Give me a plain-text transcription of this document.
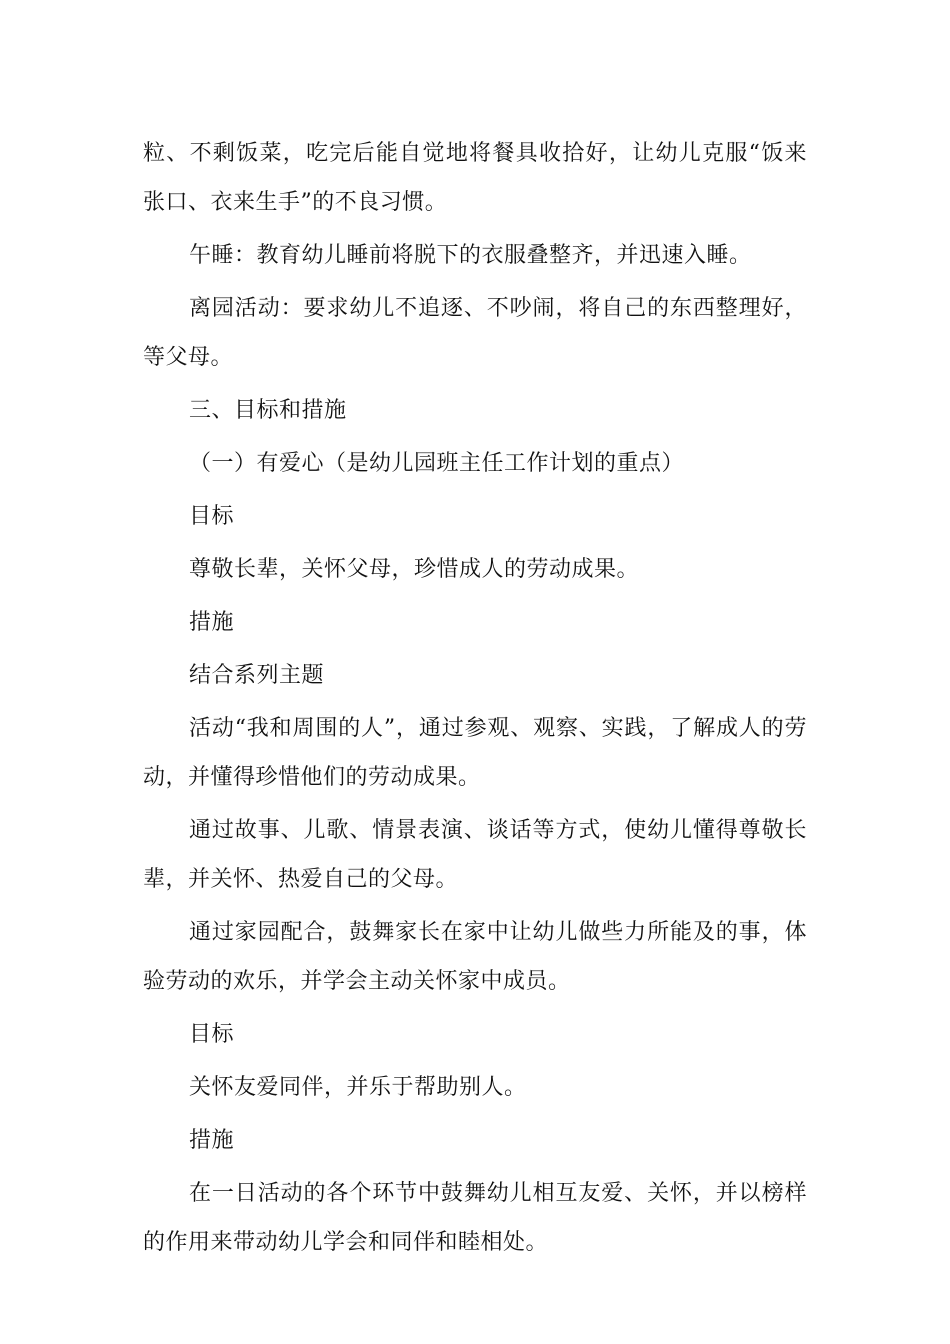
粒、不剩饭菜，吃完后能自觉地将餐具收拾好，让幼儿克服“饭来张口、衣来生手”的不良习惯。

午睡：教育幼儿睡前将脱下的衣服叠整齐，并迅速入睡。

离园活动：要求幼儿不追逐、不吵闹，将自己的东西整理好，等父母。

三、目标和措施

（一）有爱心（是幼儿园班主任工作计划的重点）

目标

尊敬长辈，关怀父母，珍惜成人的劳动成果。

措施

结合系列主题

活动“我和周围的人”，通过参观、观察、实践，了解成人的劳动，并懂得珍惜他们的劳动成果。

通过故事、儿歌、情景表演、谈话等方式，使幼儿懂得尊敬长辈，并关怀、热爱自己的父母。

通过家园配合，鼓舞家长在家中让幼儿做些力所能及的事，体验劳动的欢乐，并学会主动关怀家中成员。

目标

关怀友爱同伴，并乐于帮助别人。

措施

在一日活动的各个环节中鼓舞幼儿相互友爱、关怀，并以榜样的作用来带动幼儿学会和同伴和睦相处。
